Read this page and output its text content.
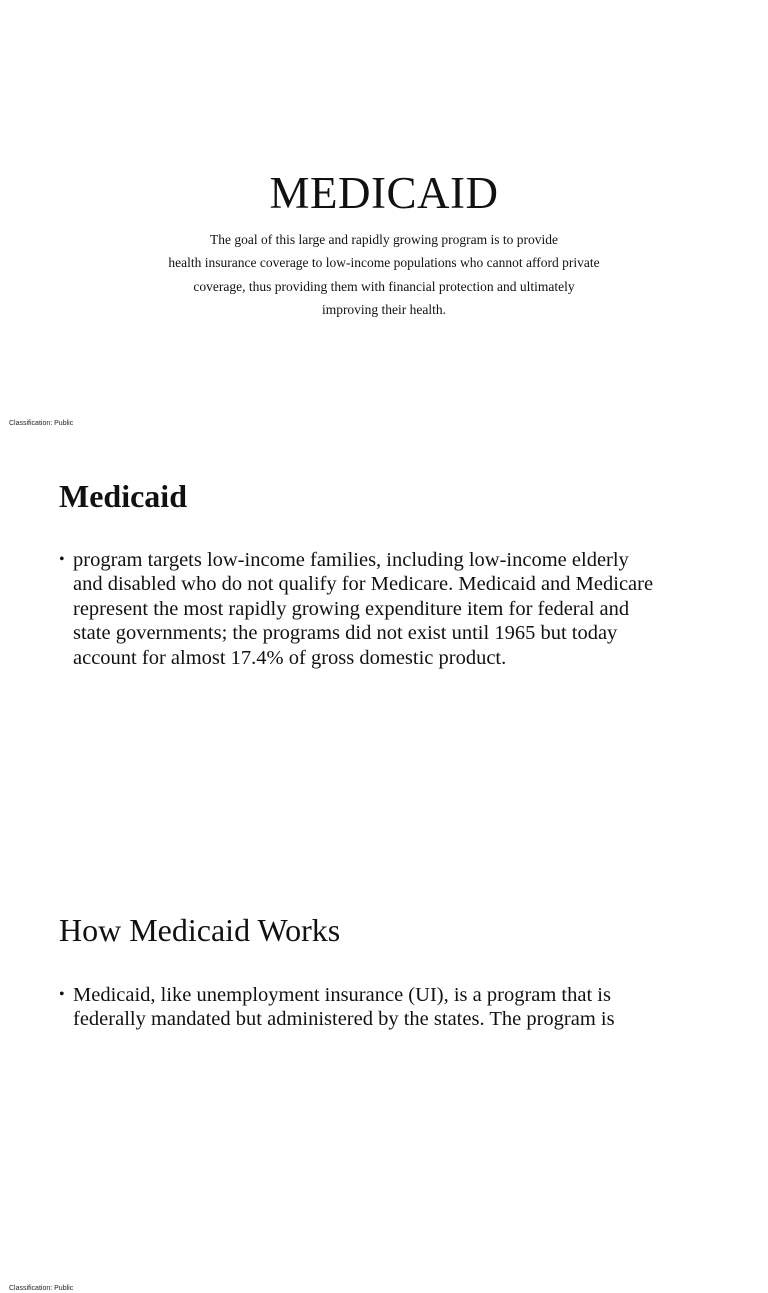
MEDICAID
The goal of this large and rapidly growing program is to provide
health insurance coverage to low-income populations who cannot afford private
coverage, thus providing them with financial protection and ultimately
improving their health.
Classification: Public
Medicaid
• program targets low-income families, including low-income elderly
and disabled who do not qualify for Medicare. Medicaid and Medicare
represent the most rapidly growing expenditure item for federal and
state governments; the programs did not exist until 1965 but today
account for almost 17.4% of gross domestic product.
Classification: Public
How Medicaid Works
• Medicaid, like unemployment insurance (UI), is a program that is
federally mandated but administered by the states. The program is
